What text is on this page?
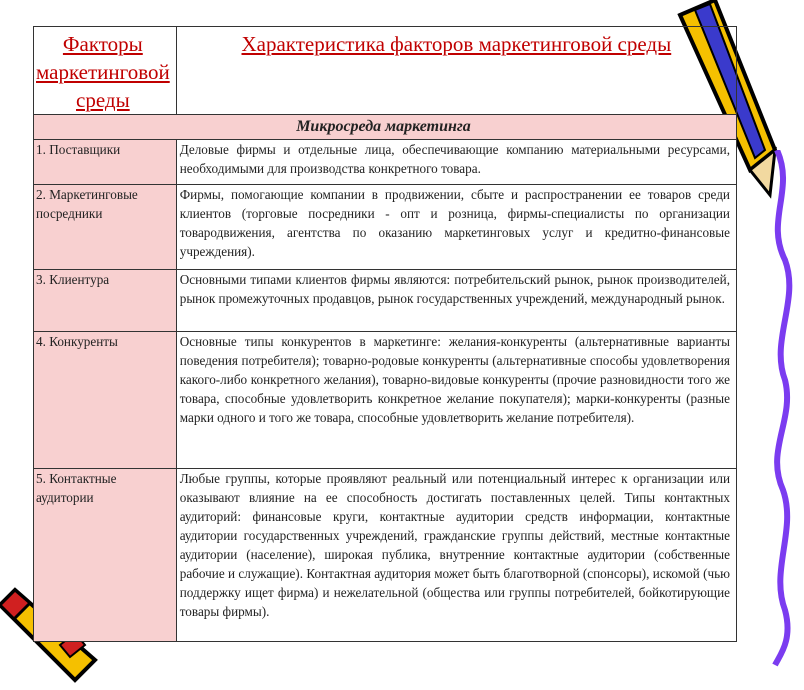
Факторы маркетинговой среды	Характеристика факторов маркетинговой среды
Микросреда маркетинга	
1. Поставщики	Деловые фирмы и отдельные лица, обеспечивающие компанию материальными ресурсами, необходимыми для производства конкретного товара.
2. Маркетинговые посредники	Фирмы, помогающие компании в продвижении, сбыте и распространении ее товаров среди клиентов (торговые посредники - опт и розница, фирмы-специалисты по организации товародвижения, агентства по оказанию маркетинговых услуг и кредитно-финансовые учреждения).
3. Клиентура	Основными типами клиентов фирмы являются: потребительский рынок, рынок производителей, рынок промежуточных продавцов, рынок государственных учреждений, международный рынок.
4. Конкуренты	Основные типы конкурентов в маркетинге: желания-конкуренты (альтернативные варианты поведения потребителя); товарно-родовые конкуренты (альтернативные способы удовлетворения какого-либо конкретного желания), товарно-видовые конкуренты (прочие разновидности того же товара, способные удовлетворить конкретное желание покупателя); марки-конкуренты (разные марки одного и того же товара, способные удовлетворить желание потребителя).
5. Контактные аудитории	Любые группы, которые проявляют реальный или потенциальный интерес к организации или оказывают влияние на ее способность достигать поставленных целей. Типы контактных аудиторий: финансовые круги, контактные аудитории средств информации, контактные аудитории государственных учреждений, гражданские группы действий, местные контактные аудитории (население), широкая публика, внутренние контактные аудитории (собственные рабочие и служащие). Контактная аудитория может быть благотворной (спонсоры), искомой (чью поддержку ищет фирма) и нежелательной (общества или группы потребителей, бойкотирующие товары фирмы).
